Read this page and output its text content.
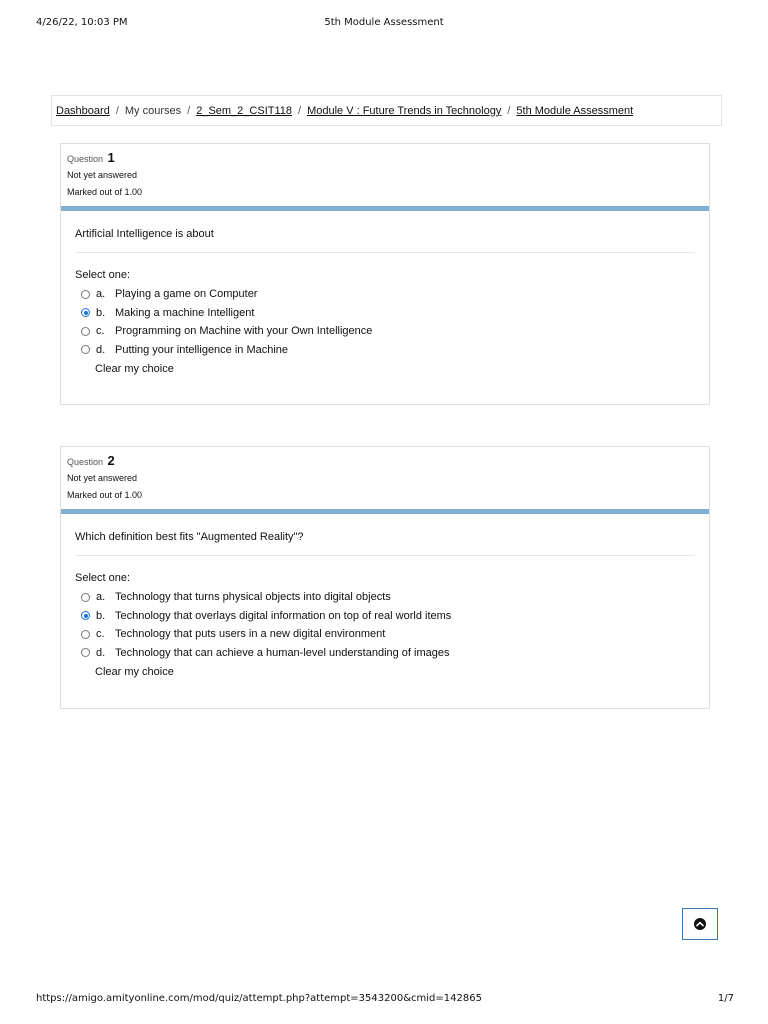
5th Module Assessment
4/26/22, 10:03 PM
Dashboard / My courses / 2_Sem_2_CSIT118 / Module V : Future Trends in Technology / 5th Module Assessment
Question 1
Not yet answered
Marked out of 1.00
Artificial Intelligence is about
Select one:
a. Playing a game on Computer
b. Making a machine Intelligent
c. Programming on Machine with your Own Intelligence
d. Putting your intelligence in Machine
Clear my choice
Question 2
Not yet answered
Marked out of 1.00
Which definition best fits "Augmented Reality"?
Select one:
a. Technology that turns physical objects into digital objects
b. Technology that overlays digital information on top of real world items
c. Technology that puts users in a new digital environment
d. Technology that can achieve a human-level understanding of images
Clear my choice
https://amigo.amityonline.com/mod/quiz/attempt.php?attempt=3543200&cmid=142865	1/7
